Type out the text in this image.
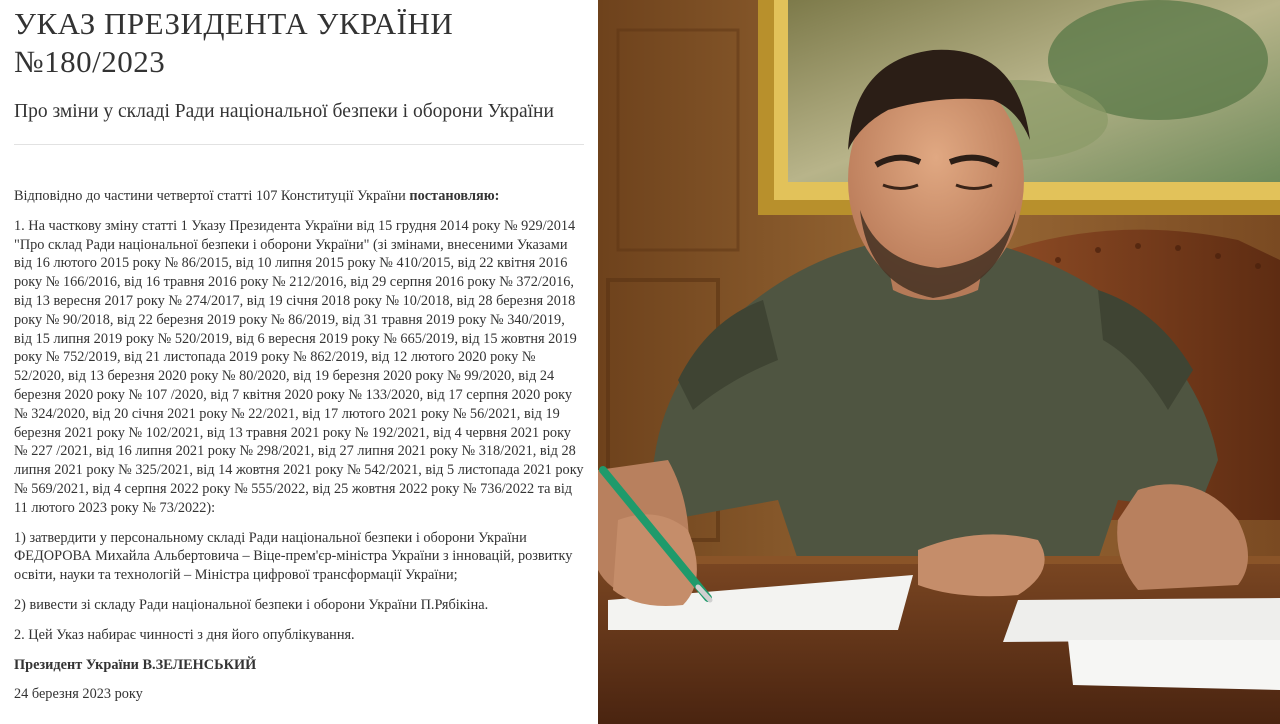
УКАЗ ПРЕЗИДЕНТА УКРАЇНИ
№180/2023

Про зміни у складі Ради національної безпеки і оборони України

Відповідно до частини четвертої статті 107 Конституції України постановляю:

1. На часткову зміну статті 1 Указу Президента України від 15 грудня 2014 року № 929/2014 "Про склад Ради національної безпеки і оборони України" (зі змінами, внесеними Указами від 16 лютого 2015 року № 86/2015, від 10 липня 2015 року № 410/2015, від 22 квітня 2016 року № 166/2016, від 16 травня 2016 року № 212/2016, від 29 серпня 2016 року № 372/2016, від 13 вересня 2017 року № 274/2017, від 19 січня 2018 року № 10/2018, від 28 березня 2018 року № 90/2018, від 22 березня 2019 року № 86/2019, від 31 травня 2019 року № 340/2019, від 15 липня 2019 року № 520/2019, від 6 вересня 2019 року № 665/2019, від 15 жовтня 2019 року № 752/2019, від 21 листопада 2019 року № 862/2019, від 12 лютого 2020 року № 52/2020, від 13 березня 2020 року № 80/2020, від 19 березня 2020 року № 99/2020, від 24 березня 2020 року № 107 /2020, від 7 квітня 2020 року № 133/2020, від 17 серпня 2020 року № 324/2020, від 20 січня 2021 року № 22/2021, від 17 лютого 2021 року № 56/2021, від 19 березня 2021 року № 102/2021, від 13 травня 2021 року № 192/2021, від 4 червня 2021 року № 227 /2021, від 16 липня 2021 року № 298/2021, від 27 липня 2021 року № 318/2021, від 28 липня 2021 року № 325/2021, від 14 жовтня 2021 року № 542/2021, від 5 листопада 2021 року № 569/2021, від 4 серпня 2022 року № 555/2022, від 25 жовтня 2022 року № 736/2022 та від 11 лютого 2023 року № 73/2022):

1) затвердити у персональному складі Ради національної безпеки і оборони України ФЕДОРОВА Михайла Альбертовича – Віце-прем'єр-міністра України з інновацій, розвитку освіти, науки та технологій – Міністра цифрової трансформації України;

2) вивести зі складу Ради національної безпеки і оборони України П.Рябікіна.

2. Цей Указ набирає чинності з дня його опублікування.

Президент України В.ЗЕЛЕНСЬКИЙ

24 березня 2023 року
